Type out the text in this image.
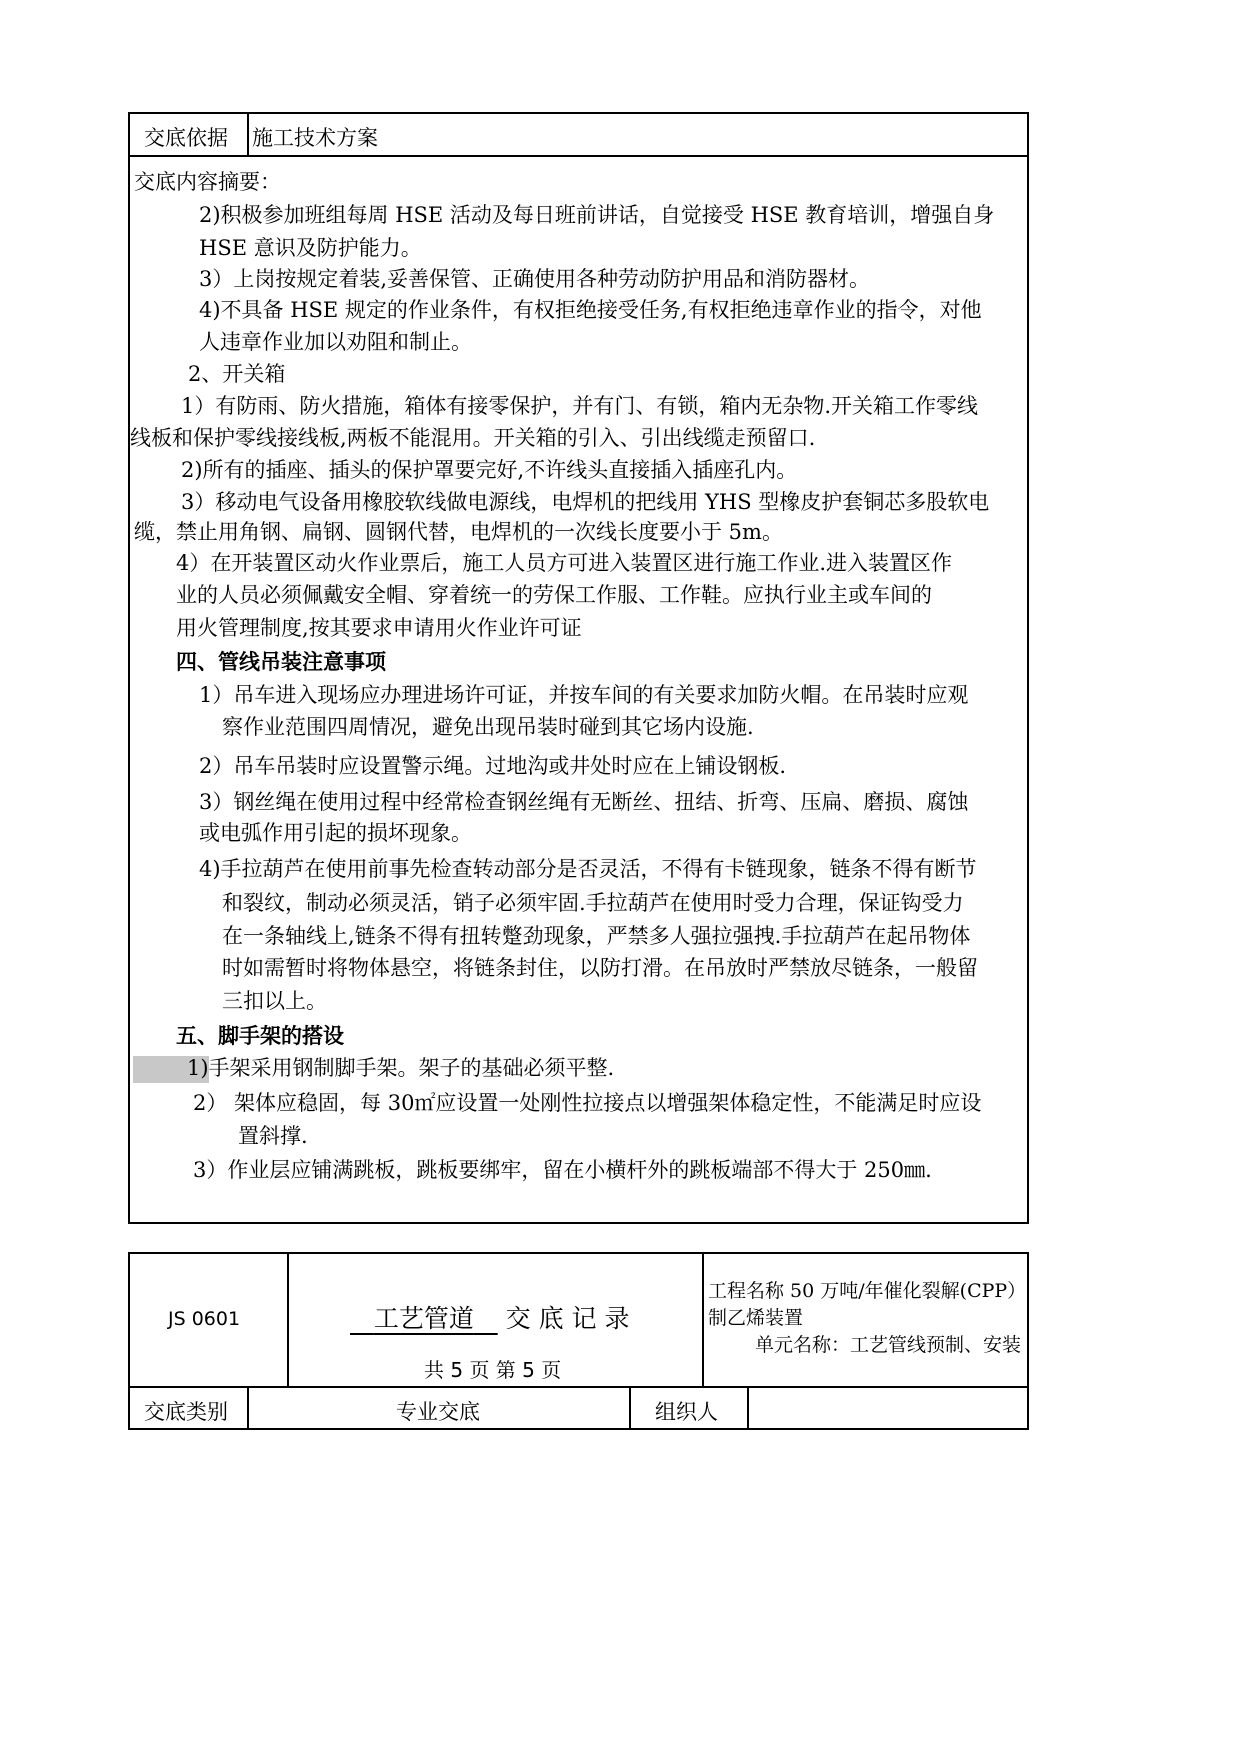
交底依据 施工技术方案
交底内容摘要：
2)积极参加班组每周 HSE 活动及每日班前讲话，自觉接受 HSE 教育培训，增强自身
HSE 意识及防护能力。
3）上岗按规定着装,妥善保管、正确使用各种劳动防护用品和消防器材。
4)不具备 HSE 规定的作业条件，有权拒绝接受任务,有权拒绝违章作业的指令，对他
人违章作业加以劝阻和制止。
2、开关箱
1）有防雨、防火措施，箱体有接零保护，并有门、有锁，箱内无杂物.开关箱工作零线
线板和保护零线接线板,两板不能混用。开关箱的引入、引出线缆走预留口.
2)所有的插座、插头的保护罩要完好,不许线头直接插入插座孔内。
3）移动电气设备用橡胶软线做电源线，电焊机的把线用 YHS 型橡皮护套铜芯多股软电
缆，禁止用角钢、扁钢、圆钢代替，电焊机的一次线长度要小于 5m。
4）在开装置区动火作业票后，施工人员方可进入装置区进行施工作业.进入装置区作
业的人员必须佩戴安全帽、穿着统一的劳保工作服、工作鞋。应执行业主或车间的
用火管理制度,按其要求申请用火作业许可证
四、管线吊装注意事项
1）吊车进入现场应办理进场许可证，并按车间的有关要求加防火帽。在吊装时应观
察作业范围四周情况，避免出现吊装时碰到其它场内设施.
2）吊车吊装时应设置警示绳。过地沟或井处时应在上铺设钢板.
3）钢丝绳在使用过程中经常检查钢丝绳有无断丝、扭结、折弯、压扁、磨损、腐蚀
或电弧作用引起的损坏现象。
4)手拉葫芦在使用前事先检查转动部分是否灵活，不得有卡链现象，链条不得有断节
和裂纹，制动必须灵活，销子必须牢固.手拉葫芦在使用时受力合理，保证钩受力
在一条轴线上,链条不得有扭转蹩劲现象，严禁多人强拉强拽.手拉葫芦在起吊物体
时如需暂时将物体悬空，将链条封住，以防打滑。在吊放时严禁放尽链条，一般留
三扣以上。
五、脚手架的搭设
1)手架采用钢制脚手架。架子的基础必须平整.
2） 架体应稳固，每 30㎡应设置一处刚性拉接点以增强架体稳定性，不能满足时应设
置斜撑.
3）作业层应铺满跳板，跳板要绑牢，留在小横杆外的跳板端部不得大于 250㎜.
JS 0601	工艺管道 交 底 记 录
共 5 页 第 5 页
工程名称 50 万吨/年催化裂解(CPP）
制乙烯装置
单元名称：工艺管线预制、安装
交底类别	专业交底	组织人
